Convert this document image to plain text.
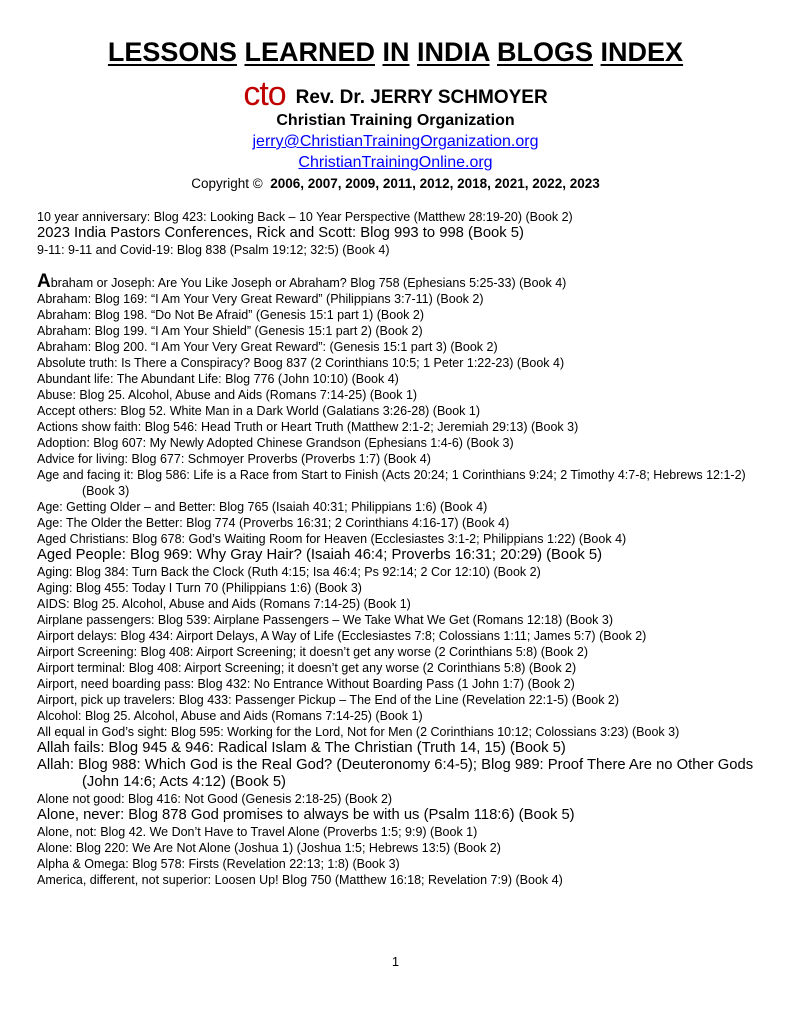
LESSONS LEARNED IN INDIA BLOGS INDEX
cto Rev. Dr. JERRY SCHMOYER
Christian Training Organization
jerry@ChristianTrainingOrganization.org
ChristianTrainingOnline.org
Copyright © 2006, 2007, 2009, 2011, 2012, 2018, 2021, 2022, 2023
10 year anniversary: Blog 423: Looking Back – 10 Year Perspective (Matthew 28:19-20) (Book 2)
2023 India Pastors Conferences, Rick and Scott: Blog 993 to 998 (Book 5)
9-11: 9-11 and Covid-19: Blog 838 (Psalm 19:12; 32:5) (Book 4)
Abraham or Joseph: Are You Like Joseph or Abraham? Blog 758 (Ephesians 5:25-33) (Book 4)
Abraham: Blog 169: “I Am Your Very Great Reward” (Philippians 3:7-11) (Book 2)
Abraham: Blog 198. “Do Not Be Afraid” (Genesis 15:1 part 1) (Book 2)
Abraham: Blog 199. “I Am Your Shield” (Genesis 15:1 part 2) (Book 2)
Abraham: Blog 200. “I Am Your Very Great Reward”: (Genesis 15:1 part 3) (Book 2)
Absolute truth: Is There a Conspiracy? Boog 837 (2 Corinthians 10:5; 1 Peter 1:22-23) (Book 4)
Abundant life: The Abundant Life: Blog 776 (John 10:10) (Book 4)
Abuse: Blog 25. Alcohol, Abuse and Aids (Romans 7:14-25) (Book 1)
Accept others: Blog 52. White Man in a Dark World (Galatians 3:26-28) (Book 1)
Actions show faith: Blog 546: Head Truth or Heart Truth (Matthew 2:1-2; Jeremiah 29:13) (Book 3)
Adoption: Blog 607: My Newly Adopted Chinese Grandson (Ephesians 1:4-6) (Book 3)
Advice for living: Blog 677: Schmoyer Proverbs (Proverbs 1:7) (Book 4)
Age and facing it: Blog 586: Life is a Race from Start to Finish (Acts 20:24; 1 Corinthians 9:24; 2 Timothy 4:7-8; Hebrews 12:1-2) (Book 3)
Age: Getting Older – and Better: Blog 765 (Isaiah 40:31; Philippians 1:6) (Book 4)
Age: The Older the Better: Blog 774 (Proverbs 16:31; 2 Corinthians 4:16-17) (Book 4)
Aged Christians: Blog 678: God’s Waiting Room for Heaven (Ecclesiastes 3:1-2; Philippians 1:22) (Book 4)
Aged People: Blog 969: Why Gray Hair? (Isaiah 46:4; Proverbs 16:31; 20:29) (Book 5)
Aging: Blog 384: Turn Back the Clock (Ruth 4:15; Isa 46:4; Ps 92:14; 2 Cor 12:10) (Book 2)
Aging: Blog 455: Today I Turn 70 (Philippians 1:6) (Book 3)
AIDS: Blog 25. Alcohol, Abuse and Aids (Romans 7:14-25) (Book 1)
Airplane passengers: Blog 539: Airplane Passengers – We Take What We Get (Romans 12:18) (Book 3)
Airport delays: Blog 434: Airport Delays, A Way of Life (Ecclesiastes 7:8; Colossians 1:11; James 5:7) (Book 2)
Airport Screening: Blog 408: Airport Screening; it doesn’t get any worse (2 Corinthians 5:8) (Book 2)
Airport terminal: Blog 408: Airport Screening; it doesn’t get any worse (2 Corinthians 5:8) (Book 2)
Airport, need boarding pass: Blog 432: No Entrance Without Boarding Pass (1 John 1:7) (Book 2)
Airport, pick up travelers: Blog 433: Passenger Pickup – The End of the Line (Revelation 22:1-5) (Book 2)
Alcohol: Blog 25. Alcohol, Abuse and Aids (Romans 7:14-25) (Book 1)
All equal in God’s sight: Blog 595: Working for the Lord, Not for Men (2 Corinthians 10:12; Colossians 3:23) (Book 3)
Allah fails: Blog 945 & 946: Radical Islam & The Christian (Truth 14, 15) (Book 5)
Allah: Blog 988: Which God is the Real God? (Deuteronomy 6:4-5); Blog 989: Proof There Are no Other Gods (John 14:6; Acts 4:12) (Book 5)
Alone not good: Blog 416: Not Good (Genesis 2:18-25) (Book 2)
Alone, never: Blog 878 God promises to always be with us (Psalm 118:6) (Book 5)
Alone, not: Blog 42. We Don’t Have to Travel Alone (Proverbs 1:5; 9:9) (Book 1)
Alone: Blog 220: We Are Not Alone (Joshua 1) (Joshua 1:5; Hebrews 13:5) (Book 2)
Alpha & Omega: Blog 578: Firsts (Revelation 22:13; 1:8) (Book 3)
America, different, not superior: Loosen Up! Blog 750 (Matthew 16:18; Revelation 7:9) (Book 4)
1
